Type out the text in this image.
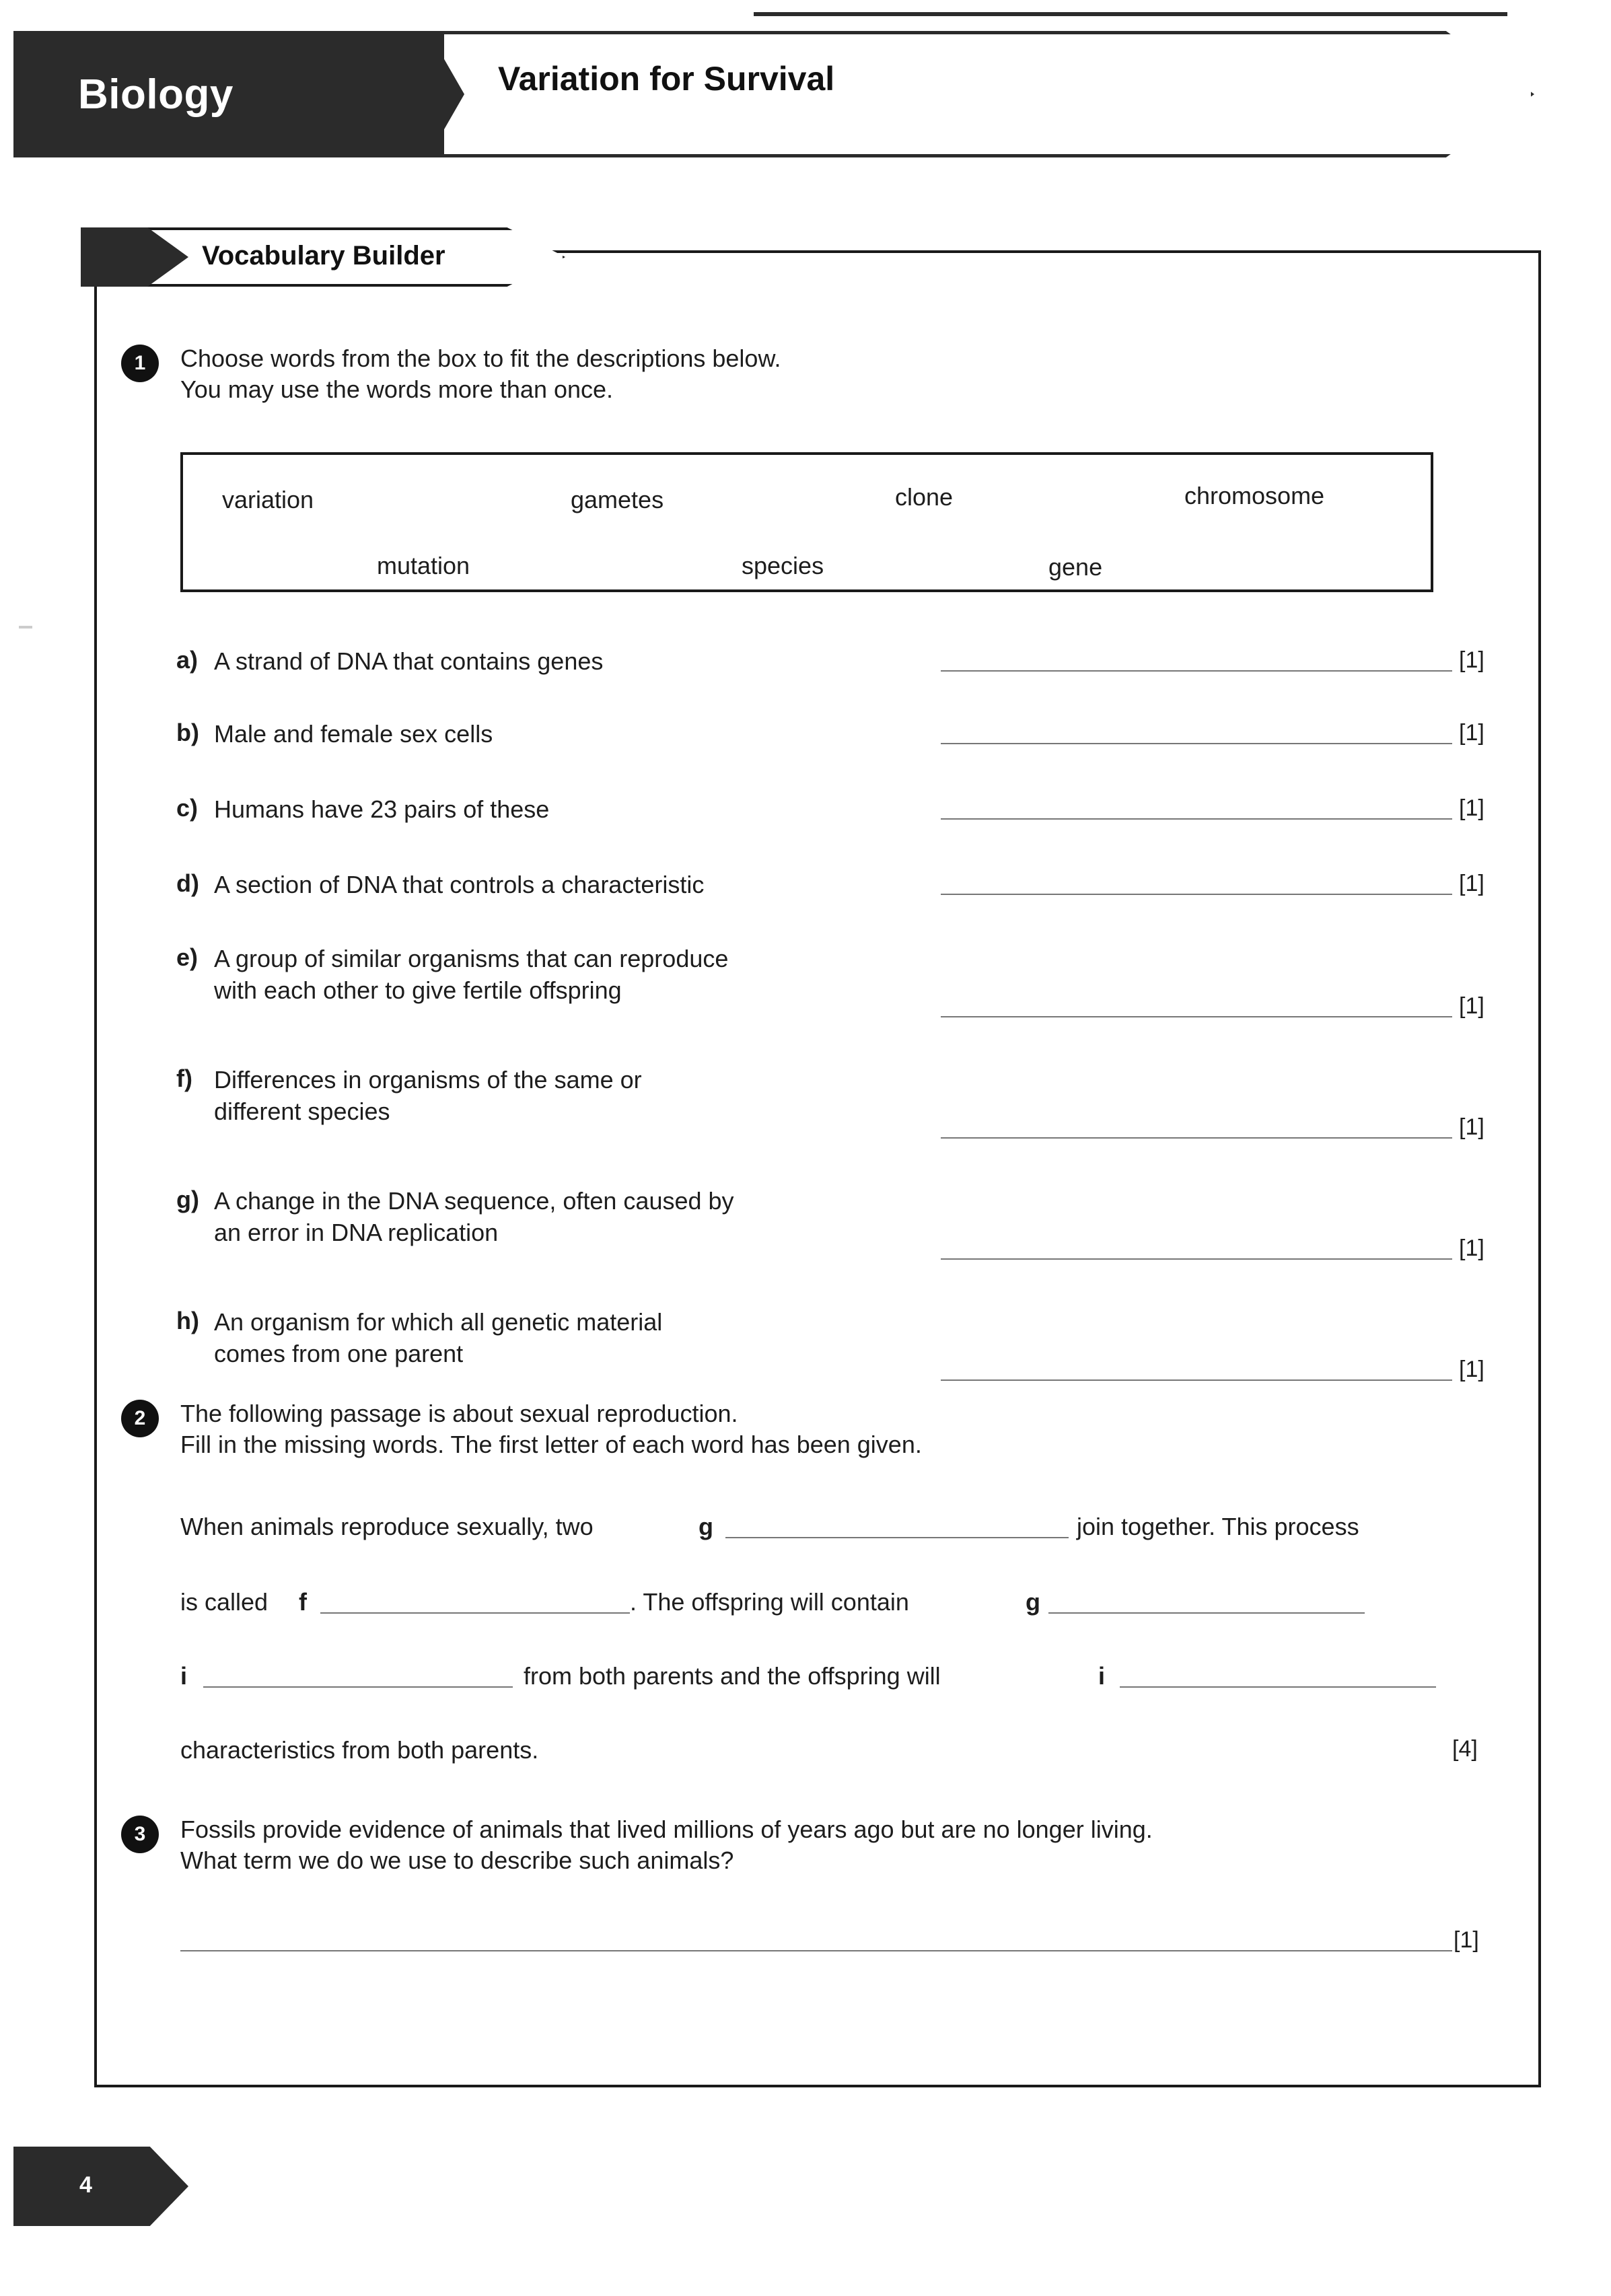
Biology	Variation for Survival
Vocabulary Builder
1	Choose words from the box to fit the descriptions below.
You may use the words more than once.
variation	gametes	clone	chromosome
mutation	species	gene
a) A strand of DNA that contains genes	[1]
b) Male and female sex cells	[1]
c) Humans have 23 pairs of these	[1]
d) A section of DNA that controls a characteristic	[1]
e) A group of similar organisms that can reproduce
with each other to give fertile offspring
[1]
f) Differences in organisms of the same or
different species
[1]
g) A change in the DNA sequence, often caused by
an error in DNA replication
[1]
h) An organism for which all genetic material
comes from one parent
[1]
2	The following passage is about sexual reproduction.
Fill in the missing words. The first letter of each word has been given.
When animals reproduce sexually, two	g	join together. This process
is called f	. The offspring will contain	g
i	from both parents and the offspring will	i
characteristics from both parents.	[4]
3	Fossils provide evidence of animals that lived millions of years ago but are no longer living.
What term we do we use to describe such animals?
[1]
4
